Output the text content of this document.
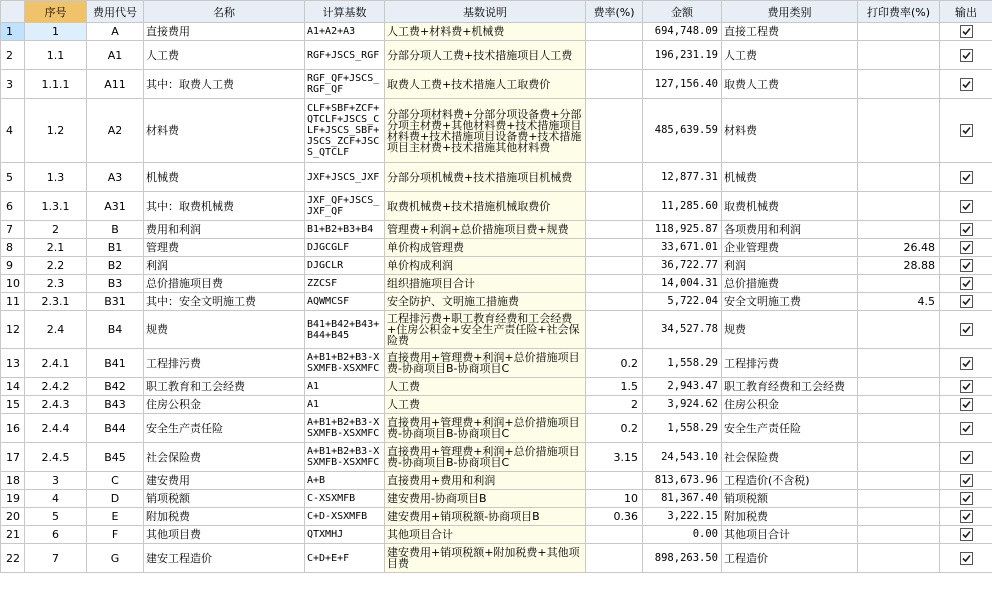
	序号	费用代号	名称	计算基数	基数说明	费率(%)	金额	费用类别	打印费率(%)	输出
1	1	A	直接费用	A1+A2+A3	人工费+材料费+机械费		694,748.09	直接工程费		

2	1.1	A1	人工费	RGF+JSCS_RGF	分部分项人工费+技术措施项目人工费		196,231.19	人工费		

3	1.1.1	A11	其中：取费人工费	RGF_QF+JSCS_RGF_QF	取费人工费+技术措施人工取费价		127,156.40	取费人工费		

4	1.2	A2	材料费	CLF+SBF+ZCF+QTCLF+JSCS_CLF+JSCS_SBF+JSCS_ZCF+JSCS_QTCLF	分部分项材料费+分部分项设备费+分部分项主材费+其他材料费+技术措施项目材料费+技术措施项目设备费+技术措施项目主材费+技术措施其他材料费		485,639.59	材料费		

5	1.3	A3	机械费	JXF+JSCS_JXF	分部分项机械费+技术措施项目机械费		12,877.31	机械费		

6	1.3.1	A31	其中：取费机械费	JXF_QF+JSCS_JXF_QF	取费机械费+技术措施机械取费价		11,285.60	取费机械费		

7	2	B	费用和利润	B1+B2+B3+B4	管理费+利润+总价措施项目费+规费		118,925.87	各项费用和利润		

8	2.1	B1	管理费	DJGCGLF	单价构成管理费		33,671.01	企业管理费	26.48	

9	2.2	B2	利润	DJGCLR	单价构成利润		36,722.77	利润	28.88	

10	2.3	B3	总价措施项目费	ZZCSF	组织措施项目合计		14,004.31	总价措施费		

11	2.3.1	B31	其中：安全文明施工费	AQWMCSF	安全防护、文明施工措施费		5,722.04	安全文明施工费	4.5	

12	2.4	B4	规费	B41+B42+B43+B44+B45	工程排污费+职工教育经费和工会经费+住房公积金+安全生产责任险+社会保险费		34,527.78	规费		

13	2.4.1	B41	工程排污费	A+B1+B2+B3-XSXMFB-XSXMFC	直接费用+管理费+利润+总价措施项目费-协商项目B-协商项目C	0.2	1,558.29	工程排污费		

14	2.4.2	B42	职工教育和工会经费	A1	人工费	1.5	2,943.47	职工教育经费和工会经费		

15	2.4.3	B43	住房公积金	A1	人工费	2	3,924.62	住房公积金		

16	2.4.4	B44	安全生产责任险	A+B1+B2+B3-XSXMFB-XSXMFC	直接费用+管理费+利润+总价措施项目费-协商项目B-协商项目C	0.2	1,558.29	安全生产责任险		

17	2.4.5	B45	社会保险费	A+B1+B2+B3-XSXMFB-XSXMFC	直接费用+管理费+利润+总价措施项目费-协商项目B-协商项目C	3.15	24,543.10	社会保险费		

18	3	C	建安费用	A+B	直接费用+费用和利润		813,673.96	工程造价(不含税)		

19	4	D	销项税额	C-XSXMFB	建安费用-协商项目B	10	81,367.40	销项税额		

20	5	E	附加税费	C+D-XSXMFB	建安费用+销项税额-协商项目B	0.36	3,222.15	附加税费		

21	6	F	其他项目费	QTXMHJ	其他项目合计		0.00	其他项目合计		

22	7	G	建安工程造价	C+D+E+F	建安费用+销项税额+附加税费+其他项目费		898,263.50	工程造价		
